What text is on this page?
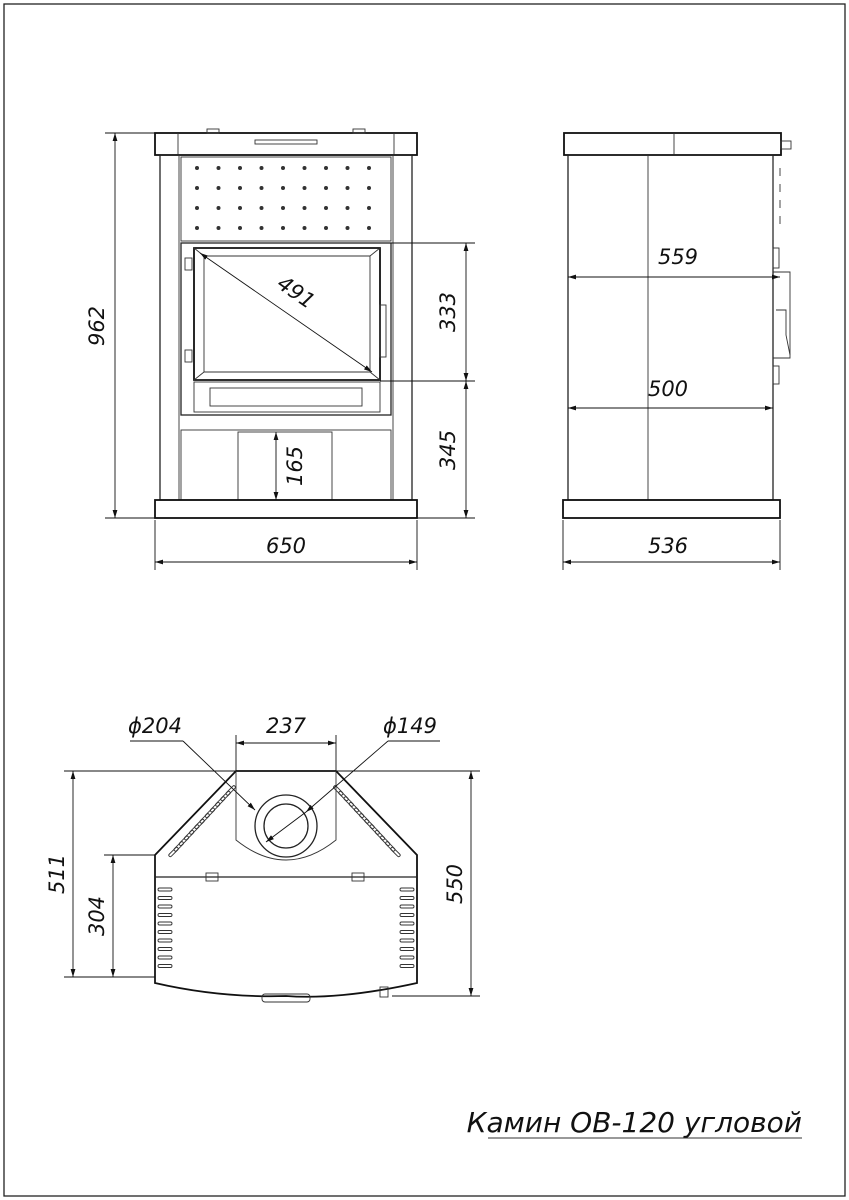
962
650
491	333
345
165
559
500
536
ϕ204	237	ϕ149
511
304
550
Камин ОВ-120 угловой
